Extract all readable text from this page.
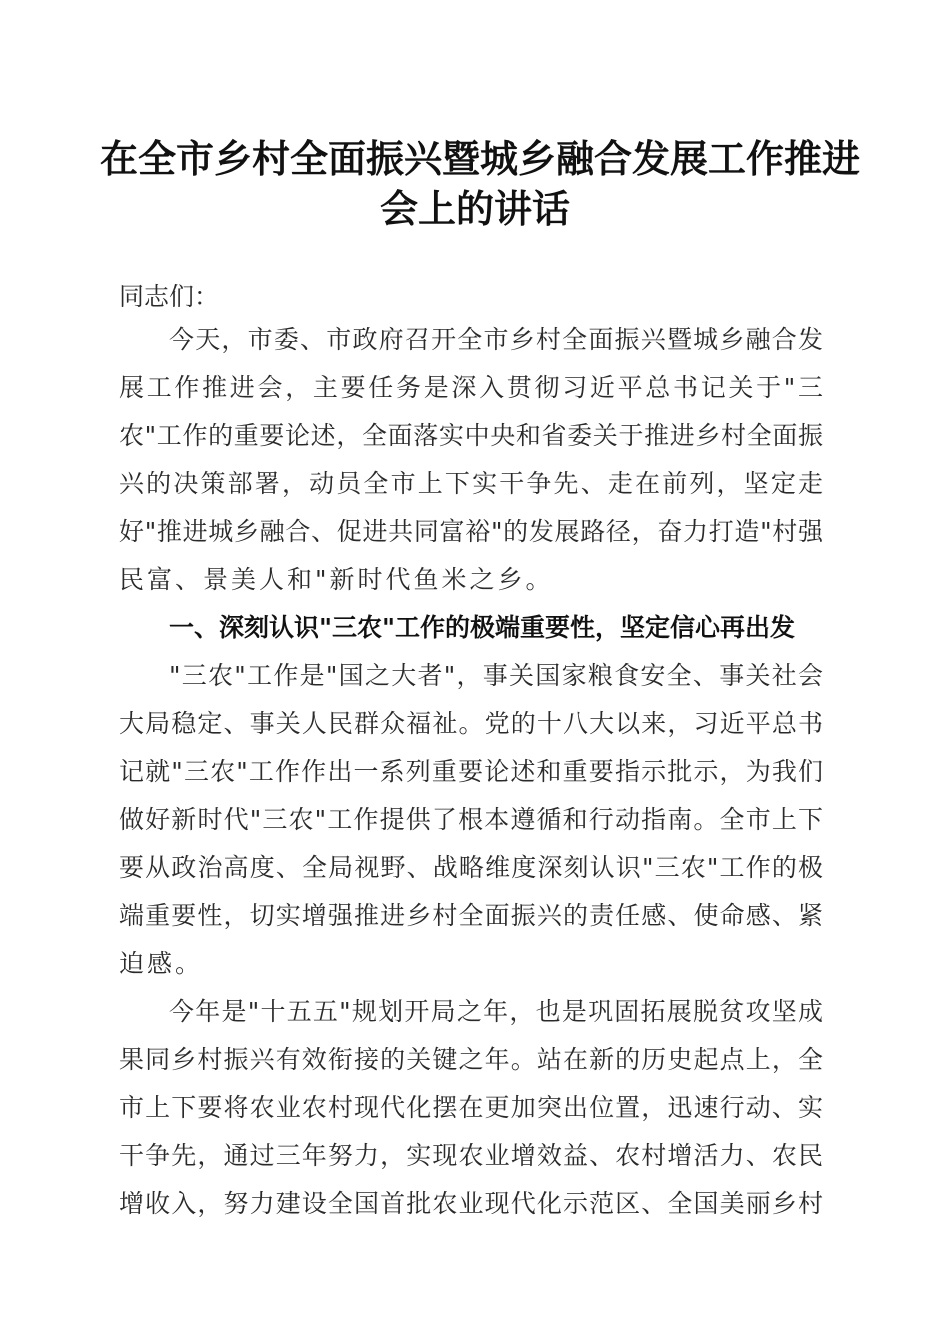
在全市乡村全面振兴暨城乡融合发展工作推进
会上的讲话

同志们：

今天，市委、市政府召开全市乡村全面振兴暨城乡融合发

展工作推进会，主要任务是深入贯彻习近平总书记关于"三

农"工作的重要论述，全面落实中央和省委关于推进乡村全面振

兴的决策部署，动员全市上下实干争先、走在前列，坚定走

好"推进城乡融合、促进共同富裕"的发展路径，奋力打造"村强

民富、景美人和"新时代鱼米之乡。

一、深刻认识"三农"工作的极端重要性，坚定信心再出发

"三农"工作是"国之大者"，事关国家粮食安全、事关社会

大局稳定、事关人民群众福祉。党的十八大以来，习近平总书

记就"三农"工作作出一系列重要论述和重要指示批示，为我们

做好新时代"三农"工作提供了根本遵循和行动指南。全市上下

要从政治高度、全局视野、战略维度深刻认识"三农"工作的极

端重要性，切实增强推进乡村全面振兴的责任感、使命感、紧

迫感。

今年是"十五五"规划开局之年，也是巩固拓展脱贫攻坚成

果同乡村振兴有效衔接的关键之年。站在新的历史起点上，全

市上下要将农业农村现代化摆在更加突出位置，迅速行动、实

干争先，通过三年努力，实现农业增效益、农村增活力、农民

增收入，努力建设全国首批农业现代化示范区、全国美丽乡村
